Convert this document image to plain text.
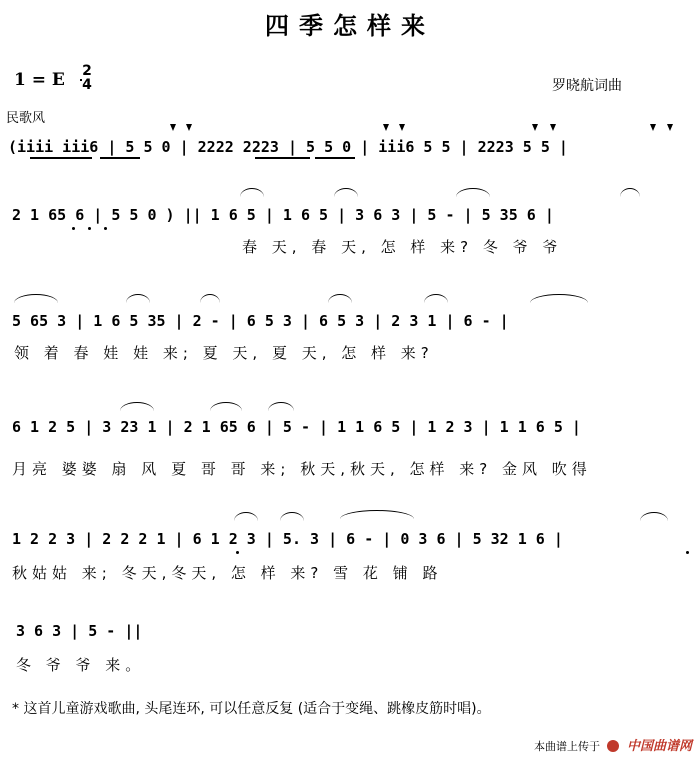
四季怎样来
1 = E 2
4	罗晓航词曲
民歌风
(iiii iii6 | 5 5 0 | 2222 2223 | 5 5 0 | iii6 5 5 | 2223 5 5 |
2 1 65 6 | 5 5 0 ) || 1 6 5 | 1 6 5 | 3 6 3 | 5 - | 5 35 6 |
春 天, 春 天, 怎 样 来? 冬 爷 爷
5 65 3 | 1 6 5 35 | 2 - | 6 5 3 | 6 5 3 | 2 3 1 | 6 - |
领 着 春 娃 娃 来; 夏 天, 夏 天, 怎 样 来?
6 1 2 5 | 3 23 1 | 2 1 65 6 | 5 - | 1 1 6 5 | 1 2 3 | 1 1 6 5 |
月亮 婆婆 扇 风 夏 哥 哥 来; 秋天,秋天, 怎样 来? 金风 吹得
1 2 2 3 | 2 2 2 1 | 6 1 2 3 | 5. 3 | 6 - | 0 3 6 | 5 32 1 6 |
秋姑姑 来; 冬天,冬天, 怎 样 来? 雪 花 铺 路
3 6 3 | 5 - ||
冬 爷 爷 来。
* 这首儿童游戏歌曲, 头尾连环, 可以任意反复 (适合于变绳、跳橡皮筋时唱)。
本曲谱上传于 中国曲谱网
